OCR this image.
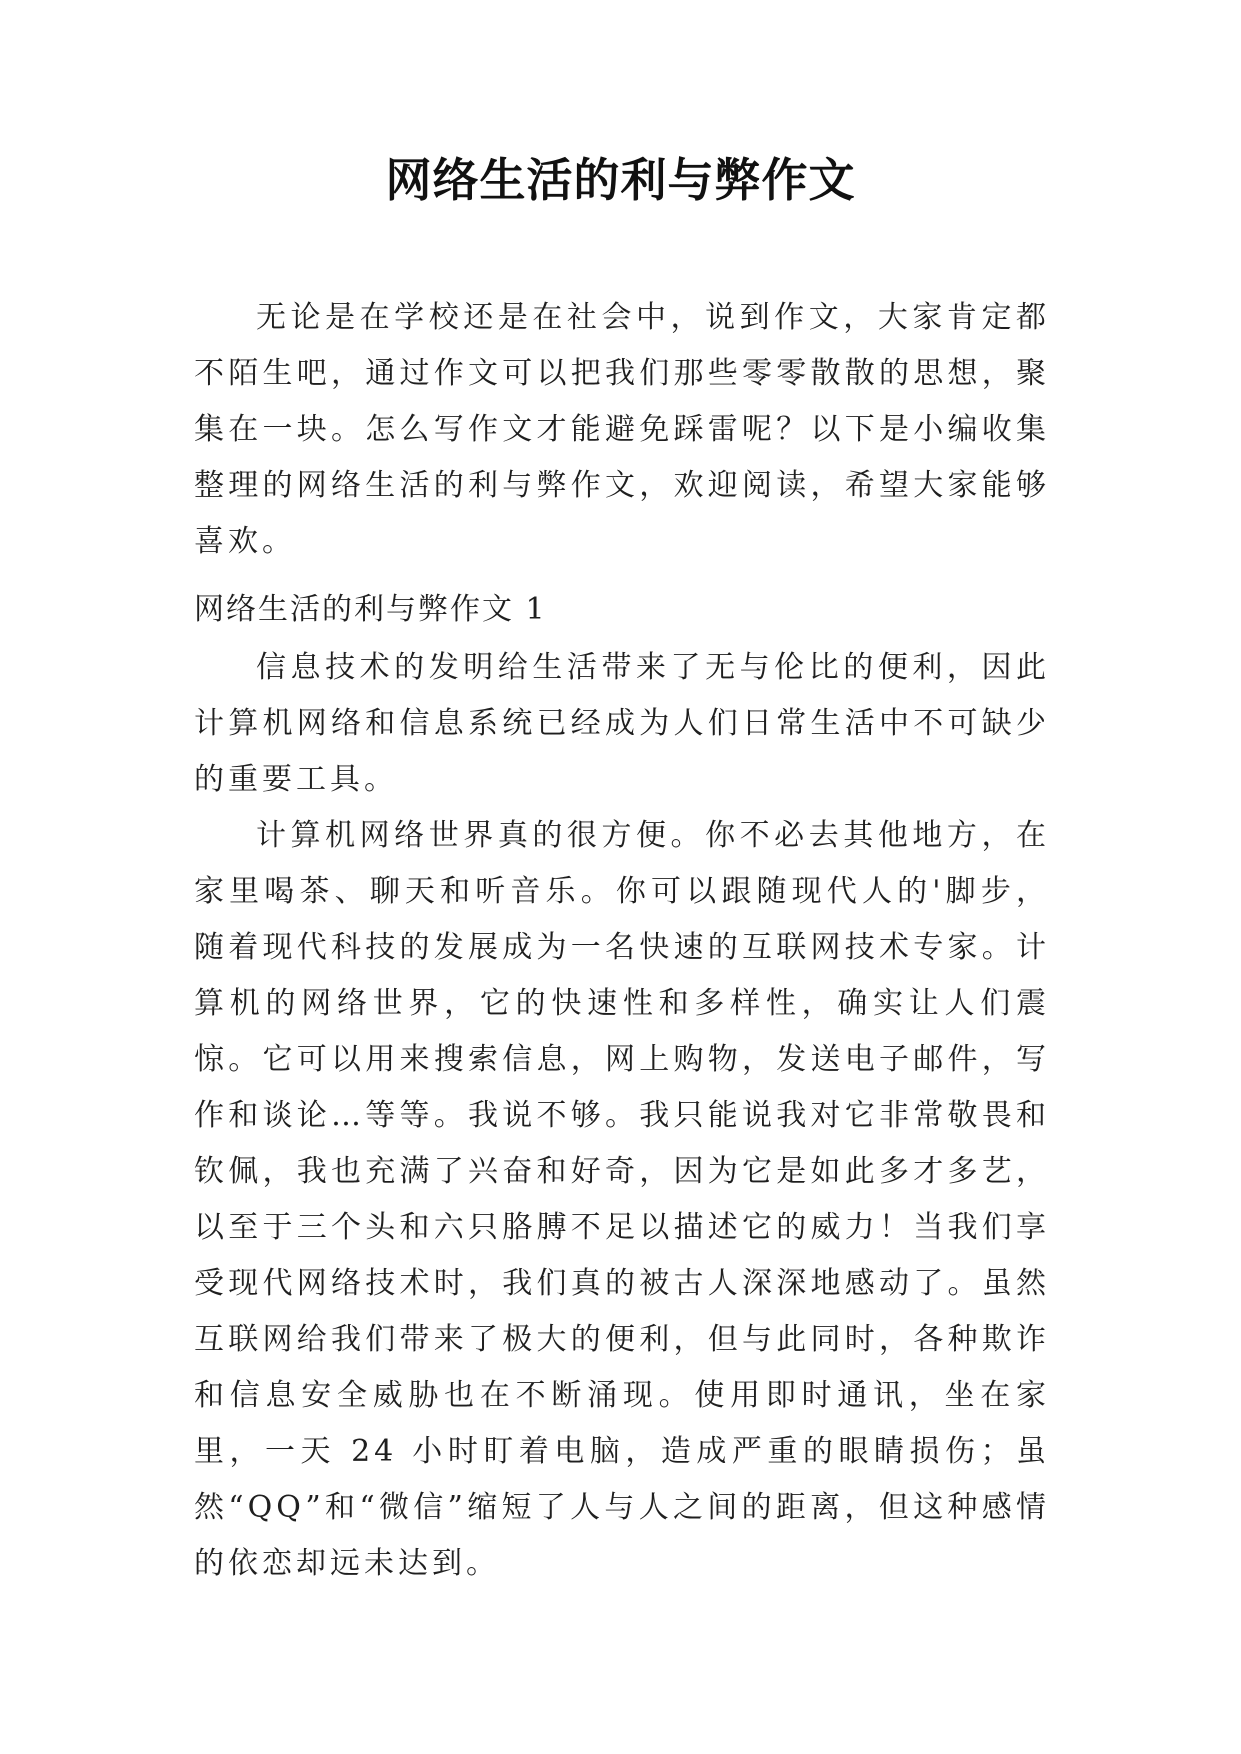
网络生活的利与弊作文

无论是在学校还是在社会中，说到作文，大家肯定都不陌生吧，通过作文可以把我们那些零零散散的思想，聚集在一块。怎么写作文才能避免踩雷呢？以下是小编收集整理的网络生活的利与弊作文，欢迎阅读，希望大家能够喜欢。

网络生活的利与弊作文 1

信息技术的发明给生活带来了无与伦比的便利，因此计算机网络和信息系统已经成为人们日常生活中不可缺少的重要工具。

计算机网络世界真的很方便。你不必去其他地方，在家里喝茶、聊天和听音乐。你可以跟随现代人的'脚步，随着现代科技的发展成为一名快速的互联网技术专家。计算机的网络世界，它的快速性和多样性，确实让人们震惊。它可以用来搜索信息，网上购物，发送电子邮件，写作和谈论…等等。我说不够。我只能说我对它非常敬畏和钦佩，我也充满了兴奋和好奇，因为它是如此多才多艺，以至于三个头和六只胳膊不足以描述它的威力！当我们享受现代网络技术时，我们真的被古人深深地感动了。虽然互联网给我们带来了极大的便利，但与此同时，各种欺诈和信息安全威胁也在不断涌现。使用即时通讯，坐在家里，一天 24 小时盯着电脑，造成严重的眼睛损伤；虽然“QQ”和“微信”缩短了人与人之间的距离，但这种感情的依恋却远未达到。
